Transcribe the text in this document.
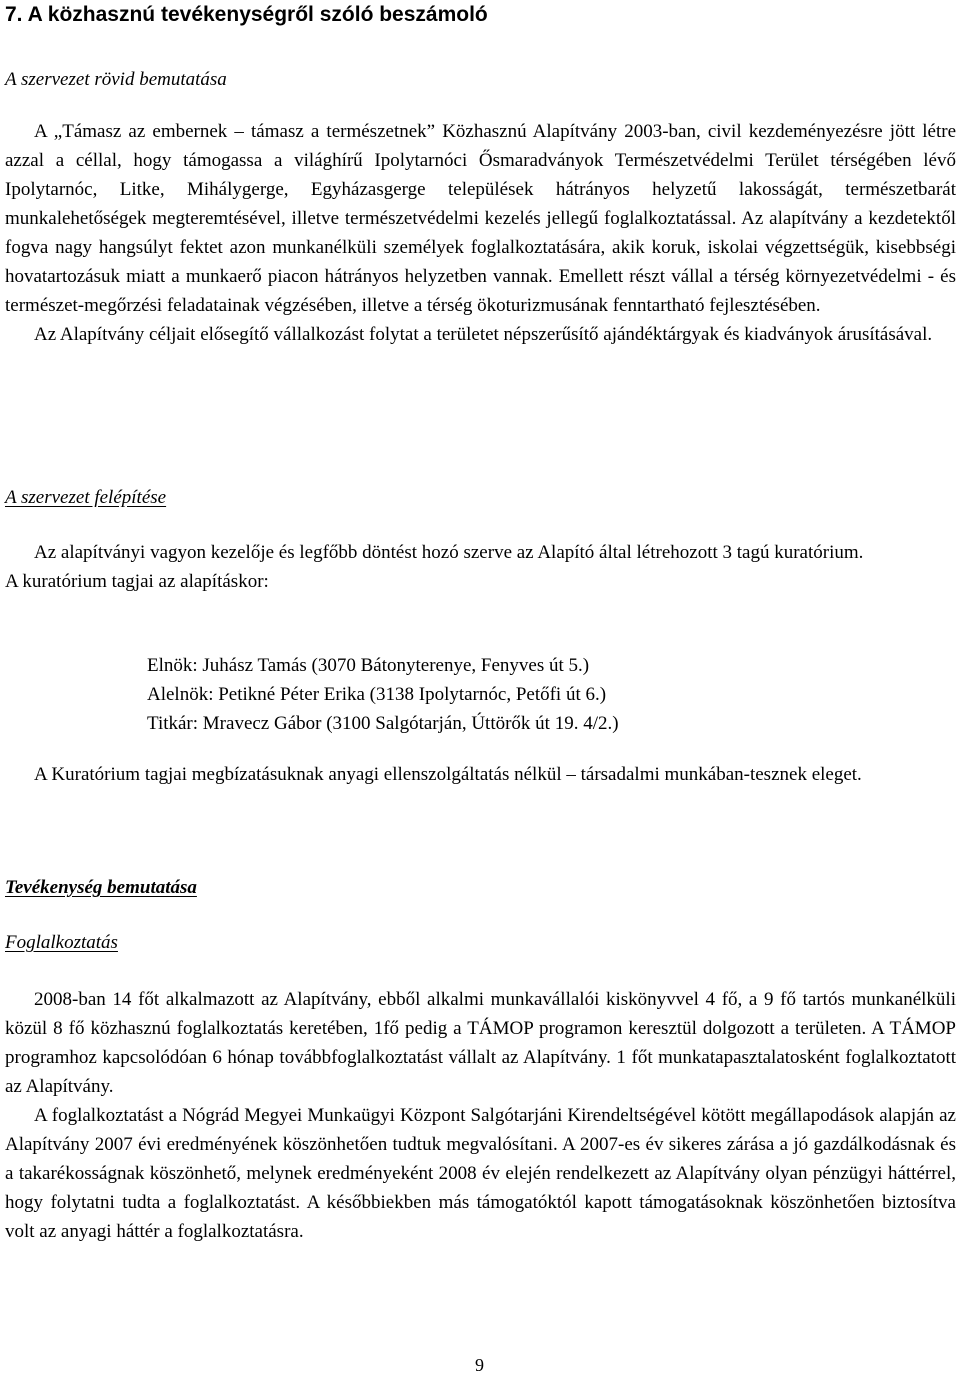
7. A közhasznú tevékenységről szóló beszámoló
A szervezet rövid bemutatása

A „Támasz az embernek – támasz a természetnek” Közhasznú Alapítvány 2003-ban, civil kezdeményezésre jött létre azzal a céllal, hogy támogassa a világhírű Ipolytarnóci Ősmaradványok Természetvédelmi Terület térségében lévő Ipolytarnóc, Litke, Mihálygerge, Egyházasgerge települések hátrányos helyzetű lakosságát, természetbarát munkalehetőségek megteremtésével, illetve természetvédelmi kezelés jellegű foglalkoztatással. Az alapítvány a kezdetektől fogva nagy hangsúlyt fektet azon munkanélküli személyek foglalkoztatására, akik koruk, iskolai végzettségük, kisebbségi hovatartozásuk miatt a munkaerő piacon hátrányos helyzetben vannak. Emellett részt vállal a térség környezetvédelmi - és természet-megőrzési feladatainak végzésében, illetve a térség ökoturizmusának fenntartható fejlesztésében.

Az Alapítvány céljait elősegítő vállalkozást folytat a területet népszerűsítő ajándéktárgyak és kiadványok árusításával.

A szervezet felépítése

Az alapítványi vagyon kezelője és legfőbb döntést hozó szerve az Alapító által létrehozott 3 tagú kuratórium.

A kuratórium tagjai az alapításkor:

Elnök: Juhász Tamás (3070 Bátonyterenye, Fenyves út 5.)
Alelnök: Petikné Péter Erika (3138 Ipolytarnóc, Petőfi út 6.)
Titkár: Mravecz Gábor (3100 Salgótarján, Úttörők út 19. 4/2.)

A Kuratórium tagjai megbízatásuknak anyagi ellenszolgáltatás nélkül – társadalmi munkában-tesznek eleget.

Tevékenység bemutatása
Foglalkoztatás

2008-ban 14 főt alkalmazott az Alapítvány, ebből alkalmi munkavállalói kiskönyvvel 4 fő, a 9 fő tartós munkanélküli közül 8 fő közhasznú foglalkoztatás keretében, 1fő pedig a TÁMOP programon keresztül dolgozott a területen. A TÁMOP programhoz kapcsolódóan 6 hónap továbbfoglalkoztatást vállalt az Alapítvány. 1 főt munkatapasztalatosként foglalkoztatott az Alapítvány.

A foglalkoztatást a Nógrád Megyei Munkaügyi Központ Salgótarjáni Kirendeltségével kötött megállapodások alapján az Alapítvány 2007 évi eredményének köszönhetően tudtuk megvalósítani. A 2007-es év sikeres zárása a jó gazdálkodásnak és a takarékosságnak köszönhető, melynek eredményeként 2008 év elején rendelkezett az Alapítvány olyan pénzügyi háttérrel, hogy folytatni tudta a foglalkoztatást. A későbbiekben más támogatóktól kapott támogatásoknak köszönhetően biztosítva volt az anyagi háttér a foglalkoztatásra.

9
